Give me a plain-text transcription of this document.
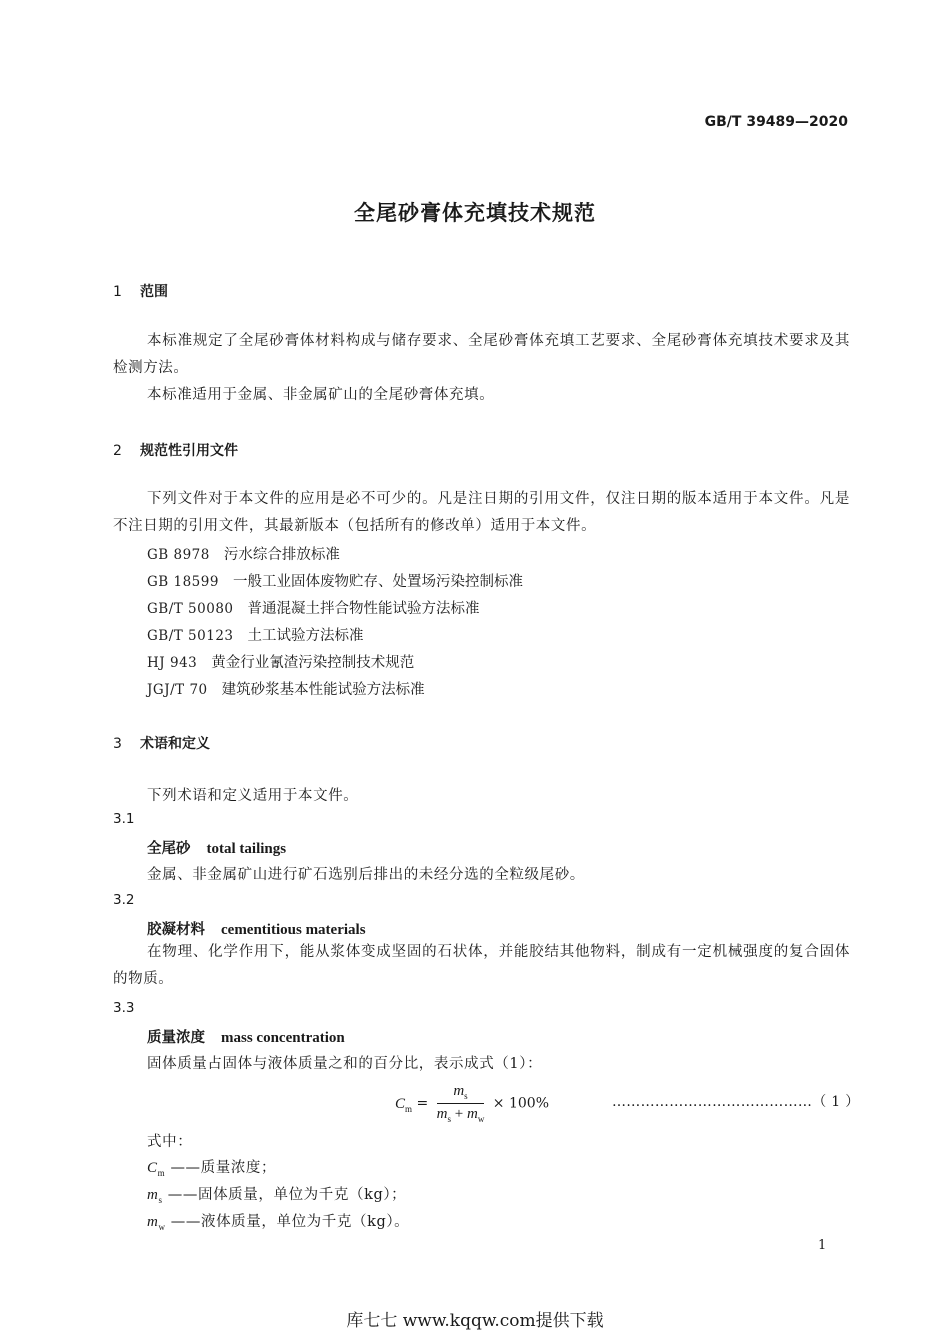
GB/T 39489—2020
全尾砂膏体充填技术规范
1 范围
本标准规定了全尾砂膏体材料构成与储存要求、全尾砂膏体充填工艺要求、全尾砂膏体充填技术要求及其检测方法。
本标准适用于金属、非金属矿山的全尾砂膏体充填。
2 规范性引用文件
下列文件对于本文件的应用是必不可少的。凡是注日期的引用文件，仅注日期的版本适用于本文件。凡是不注日期的引用文件，其最新版本（包括所有的修改单）适用于本文件。
GB 8978 污水综合排放标准
GB 18599 一般工业固体废物贮存、处置场污染控制标准
GB/T 50080 普通混凝土拌合物性能试验方法标准
GB/T 50123 土工试验方法标准
HJ 943 黄金行业氰渣污染控制技术规范
JGJ/T 70 建筑砂浆基本性能试验方法标准
3 术语和定义
下列术语和定义适用于本文件。
3.1
全尾砂 total tailings
金属、非金属矿山进行矿石选别后排出的未经分选的全粒级尾砂。
3.2
胶凝材料 cementitious materials
在物理、化学作用下，能从浆体变成坚固的石状体，并能胶结其他物料，制成有一定机械强度的复合固体的物质。
3.3
质量浓度 mass concentration
固体质量占固体与液体质量之和的百分比，表示成式（1）：
$C_m = \frac{m_s}{m_s + m_w} \times 100\%$	……………………………………（ 1 ）
式中：
$C_m$ ——质量浓度；
$m_s$ ——固体质量，单位为千克（kg）；
$m_w$ ——液体质量，单位为千克（kg）。
1
库七七 www.kqqw.com提供下载
